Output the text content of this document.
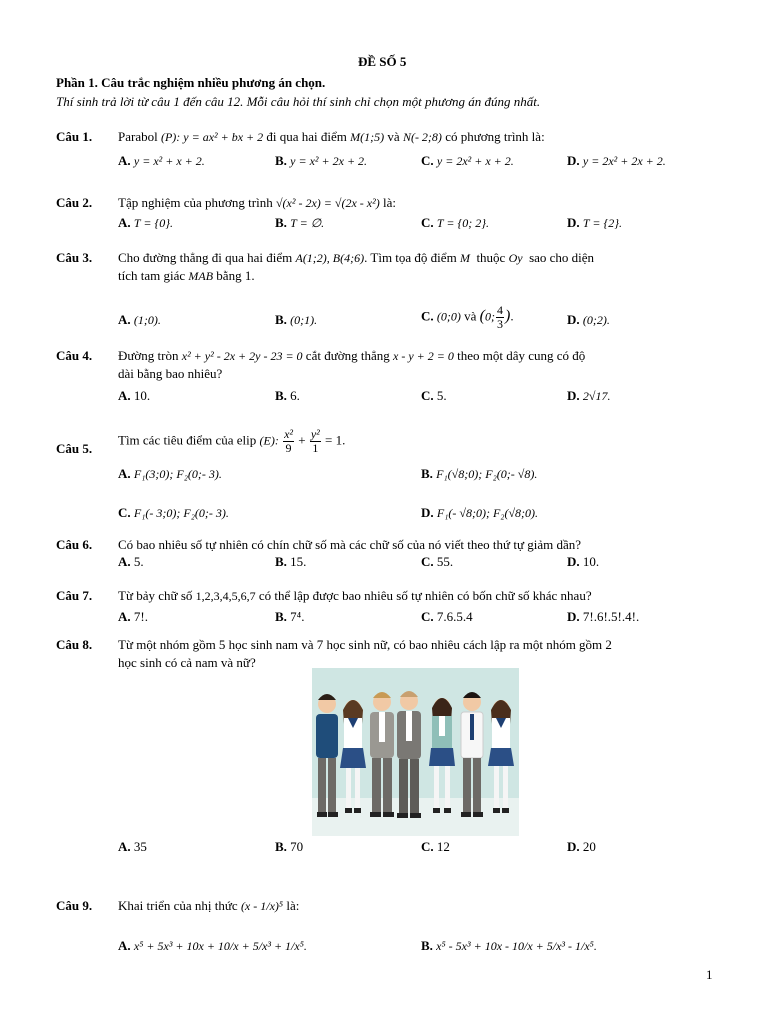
ĐỀ SỐ 5
Phần 1. Câu trắc nghiệm nhiều phương án chọn.
Thí sinh trả lời từ câu 1 đến câu 12. Mỗi câu hỏi thí sinh chỉ chọn một phương án đúng nhất.
Câu 1. Parabol (P): y = ax² + bx + 2 đi qua hai điểm M(1;5) và N(- 2;8) có phương trình là:
A. y = x² + x + 2.	B. y = x² + 2x + 2.	C. y = 2x² + x + 2.	D. y = 2x² + 2x + 2.
Câu 2. Tập nghiệm của phương trình √(x² - 2x) = √(2x - x²) là:
A. T = {0}.	B. T = ∅.	C. T = {0; 2}.	D. T = {2}.
Câu 3. Cho đường thẳng đi qua hai điểm A(1;2), B(4;6). Tìm tọa độ điểm M thuộc Oy sao cho diện
tích tam giác MAB bằng 1.
A. (1;0).	B. (0;1).	C. (0;0) và (0; $\frac{4}{3}$ ).	D. (0;2).
Câu 4. Đường tròn x² + y² - 2x + 2y - 23 = 0 cắt đường thẳng x - y + 2 = 0 theo một dây cung có độ
dài bằng bao nhiêu?
A. 10.	B. 6.	C. 5.	D. 2√17.
Câu 5.
Tìm các tiêu điểm của elip (E): $\frac{\text{x²}}{9} + \frac{\text{y²}}{1} = 1$.
A. F₁(3;0); F₂(0;- 3).	B. F₁(√8;0); F₂(0;- √8).
C. F₁(- 3;0); F₂(0;- 3).	D. F₁(- √8;0); F₂(√8;0).
Câu 6. Có bao nhiêu số tự nhiên có chín chữ số mà các chữ số của nó viết theo thứ tự giảm dần?
A. 5.	B. 15.	C. 55.	D. 10.
Câu 7. Từ bảy chữ số 1,2,3,4,5,6,7 có thể lập được bao nhiêu số tự nhiên có bốn chữ số khác nhau?
A. 7!.	B. 7⁴.	C. 7.6.5.4	D. 7!.6!.5!.4!.
Câu 8. Từ một nhóm gồm 5 học sinh nam và 7 học sinh nữ, có bao nhiêu cách lập ra một nhóm gồm 2
học sinh có cả nam và nữ?
A. 35	B. 70	C. 12	D. 20
Câu 9. Khai triển của nhị thức (x - 1/x)⁵ là:
A. x⁵ + 5x³ + 10x + 10/x + 5/x³ + 1/x⁵.	B. x⁵ - 5x³ + 10x - 10/x + 5/x³ - 1/x⁵.
1
